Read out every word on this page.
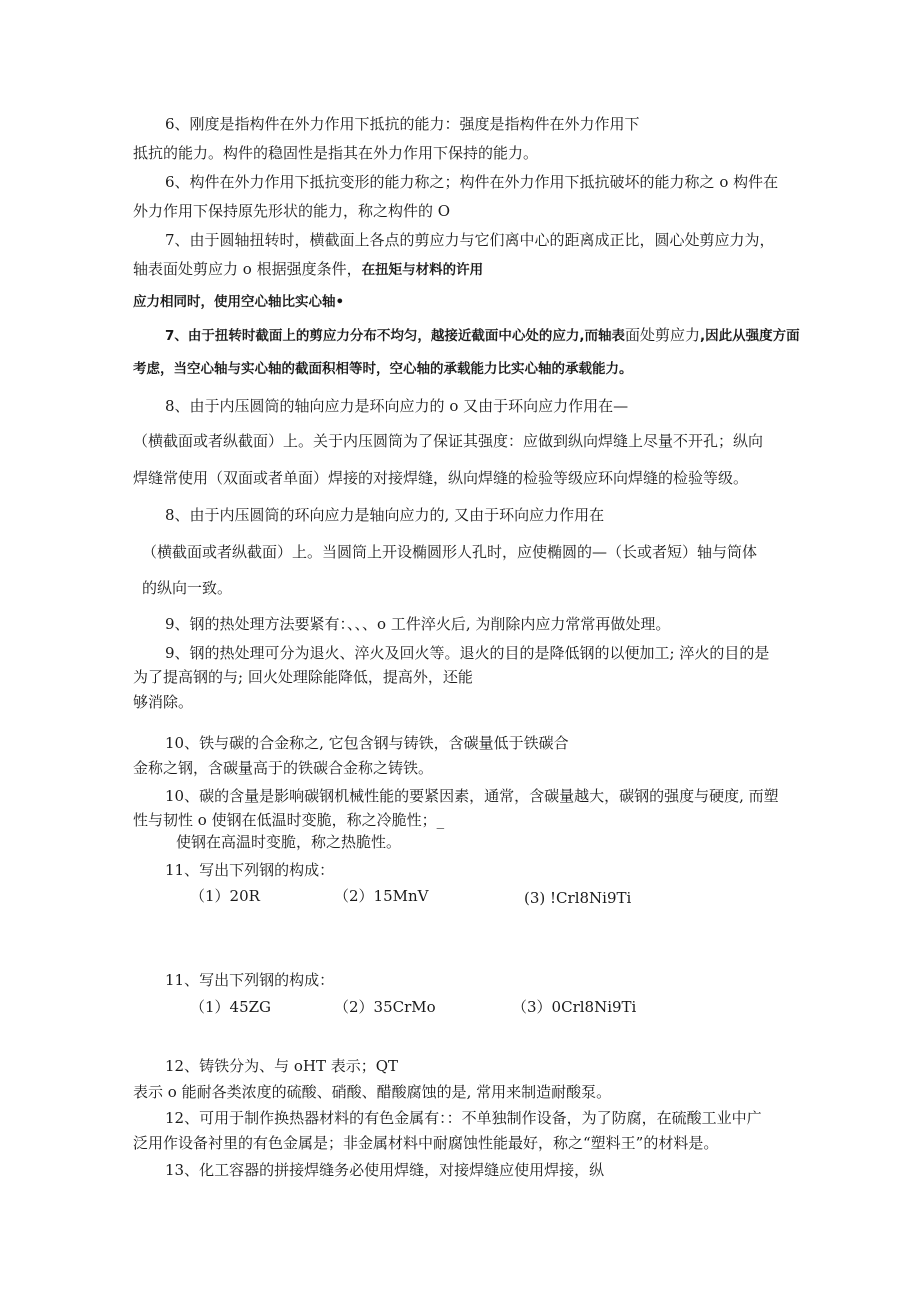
6、刚度是指构件在外力作用下抵抗的能力：强度是指构件在外力作用下
抵抗的能力。构件的稳固性是指其在外力作用下保持的能力。
6、构件在外力作用下抵抗变形的能力称之；构件在外力作用下抵抗破坏的能力称之 o 构件在
外力作用下保持原先形状的能力，称之构件的 O
7、由于圆轴扭转时，横截面上各点的剪应力与它们离中心的距离成正比，圆心处剪应力为，
轴表面处剪应力 o 根据强度条件，在扭矩与材料的许用
应力相同时，使用空心轴比实心轴•
7、由于扭转时截面上的剪应力分布不均匀，越接近截面中心处的应力,而轴表面处剪应力,因此从强度方面
考虑，当空心轴与实心轴的截面积相等时，空心轴的承载能力比实心轴的承载能力。
8、由于内压圆筒的轴向应力是环向应力的 o 又由于环向应力作用在—
（横截面或者纵截面）上。关于内压圆筒为了保证其强度：应做到纵向焊缝上尽量不开孔；纵向
焊缝常使用（双面或者单面）焊接的对接焊缝，纵向焊缝的检验等级应环向焊缝的检验等级。
8、由于内压圆筒的环向应力是轴向应力的, 又由于环向应力作用在
（横截面或者纵截面）上。当圆筒上开设椭圆形人孔时，应使椭圆的—（长或者短）轴与筒体
的纵向一致。
9、钢的热处理方法要紧有：、、、o 工件淬火后, 为削除内应力常常再做处理。
9、钢的热处理可分为退火、淬火及回火等。退火的目的是降低钢的以便加工; 淬火的目的是
为了提高钢的与; 回火处理除能降低，提高外，还能
够消除。
10、铁与碳的合金称之, 它包含钢与铸铁，含碳量低于铁碳合
金称之钢，含碳量高于的铁碳合金称之铸铁。
10、碳的含量是影响碳钢机械性能的要紧因素，通常，含碳量越大，碳钢的强度与硬度, 而塑
性与韧性 o 使钢在低温时变脆，称之冷脆性；_
使钢在高温时变脆，称之热脆性。
11、写出下列钢的构成：
（1）20R	（2）15MnV	(3) !Crl8Ni9Ti
11、写出下列钢的构成：
（1）45ZG	（2）35CrMo	（3）0Crl8Ni9Ti
12、铸铁分为、与 oHT 表示；QT
表示 o 能耐各类浓度的硫酸、硝酸、醋酸腐蚀的是, 常用来制造耐酸泵。
12、可用于制作换热器材料的有色金属有：：不单独制作设备，为了防腐，在硫酸工业中广
泛用作设备衬里的有色金属是；非金属材料中耐腐蚀性能最好，称之“塑料王”的材料是。
13、化工容器的拼接焊缝务必使用焊缝，对接焊缝应使用焊接，纵
